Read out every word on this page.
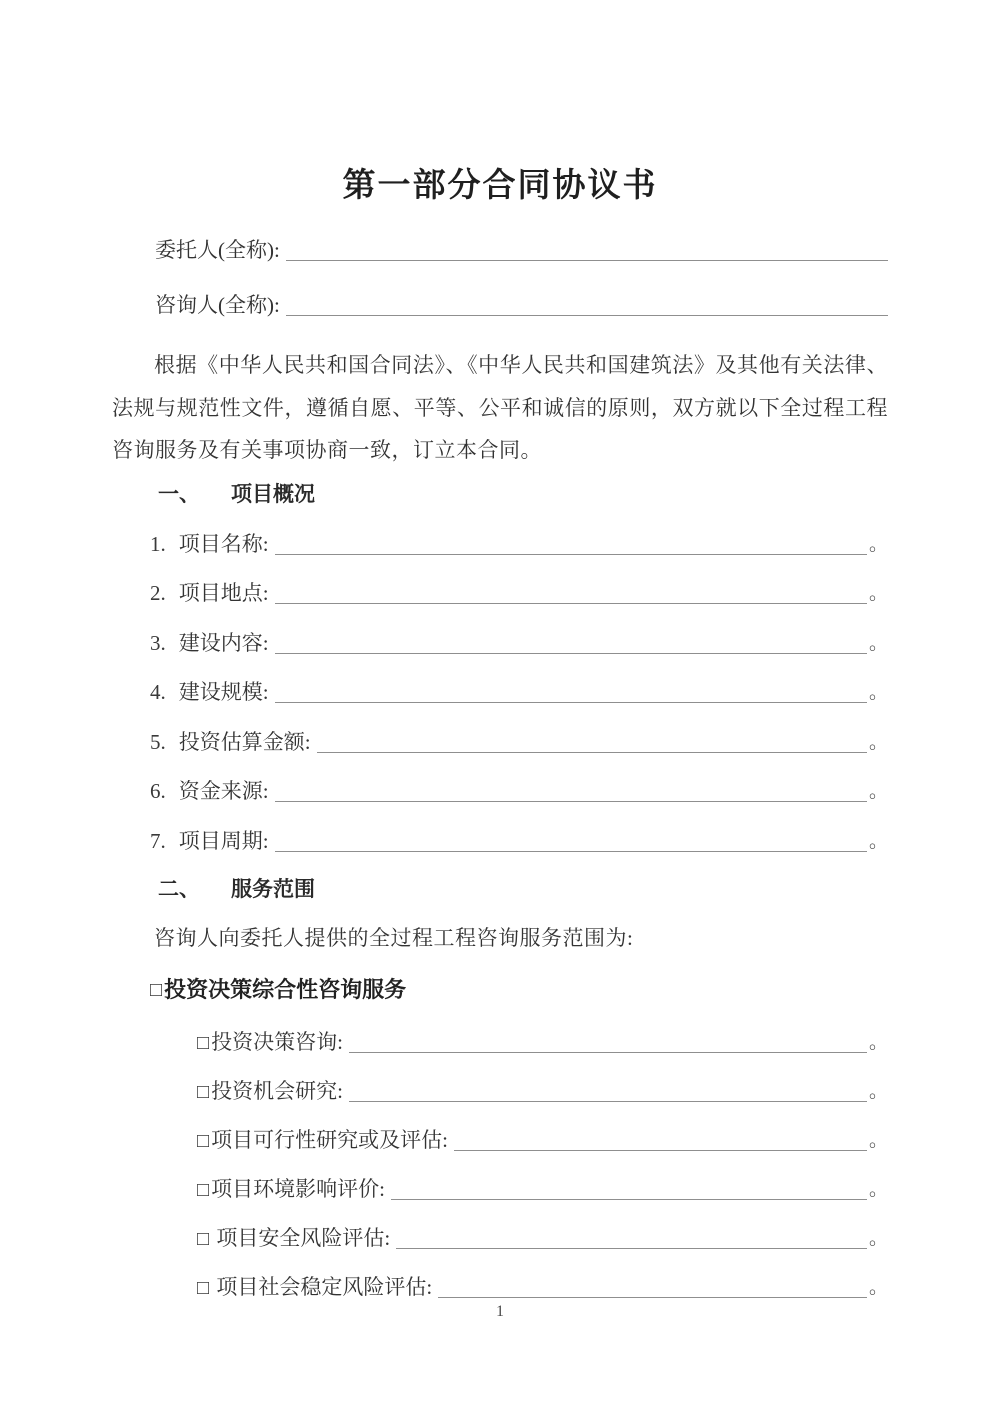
第一部分合同协议书
委托人(全称):
咨询人(全称):

根据《中华人民共和国合同法》、《中华人民共和国建筑法》及其他有关法律、法规与规范性文件，遵循自愿、平等、公平和诚信的原则，双方就以下全过程工程咨询服务及有关事项协商一致，订立本合同。

一、 项目概况
1. 项目名称:	。
2. 项目地点:	。
3. 建设内容:	。
4. 建设规模:	。
5. 投资估算金额:	。
6. 资金来源:	。
7. 项目周期:	。
二、 服务范围

咨询人向委托人提供的全过程工程咨询服务范围为:

□ 投资决策综合性咨询服务
□ 投资决策咨询:	。
□ 投资机会研究:	。
□ 项目可行性研究或及评估:	。
□ 项目环境影响评价:	。
□ 项目安全风险评估:	。
□ 项目社会稳定风险评估:	。
1
